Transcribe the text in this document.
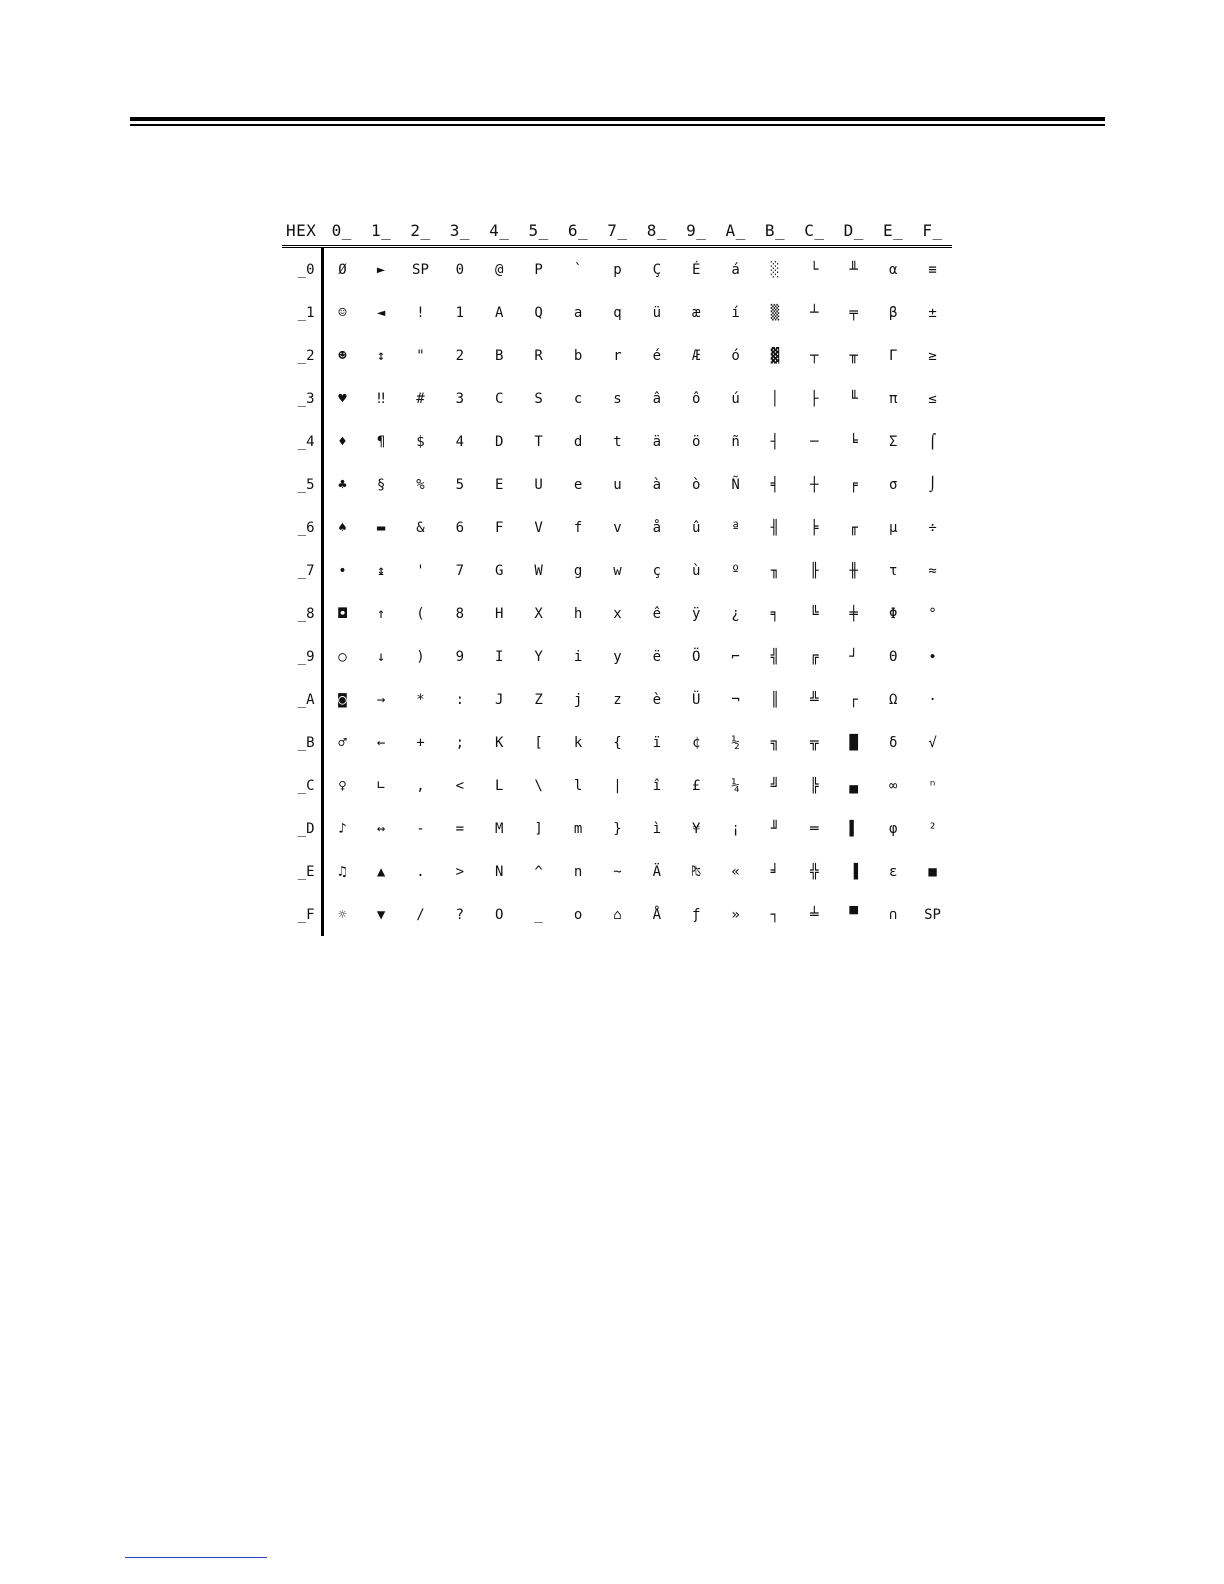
HEX	0_	1_	2_	3_	4_	5_	6_	7_	8_	9_	A_	B_	C_	D_	E_	F_
_0	Ø	►	SP	0	@	P	`	p	Ç	É	á	░	└	╨	α	≡
_1	☺	◄	!	1	A	Q	a	q	ü	æ	í	▒	┴	╤	β	±
_2	☻	↕	"	2	B	R	b	r	é	Æ	ó	▓	┬	╥	Γ	≥
_3	♥	‼	#	3	C	S	c	s	â	ô	ú	│	├	╙	π	≤
_4	♦	¶	$	4	D	T	d	t	ä	ö	ñ	┤	─	╘	Σ	⌠
_5	♣	§	%	5	E	U	e	u	à	ò	Ñ	╡	┼	╒	σ	⌡
_6	♠	▬	&	6	F	V	f	v	å	û	ª	╢	╞	╓	µ	÷
_7	•	↨	'	7	G	W	g	w	ç	ù	º	╖	╟	╫	τ	≈
_8	◘	↑	(	8	H	X	h	x	ê	ÿ	¿	╕	╚	╪	Φ	°
_9	○	↓	)	9	I	Y	i	y	ë	Ö	⌐	╣	╔	┘	Θ	∙
_A	◙	→	*	:	J	Z	j	z	è	Ü	¬	║	╩	┌	Ω	·
_B	♂	←	+	;	K	[	k	{	ï	¢	½	╗	╦	█	δ	√
_C	♀	∟	,	<	L	\	l	|	î	£	¼	╝	╠	▄	∞	ⁿ
_D	♪	↔	-	=	M	]	m	}	ì	¥	¡	╜	═	▌	φ	²
_E	♫	▲	.	>	N	^	n	~	Ä	₧	«	╛	╬	▐	ε	■
_F	☼	▼	/	?	O	_	o	⌂	Å	ƒ	»	┐	╧	▀	∩	SP
